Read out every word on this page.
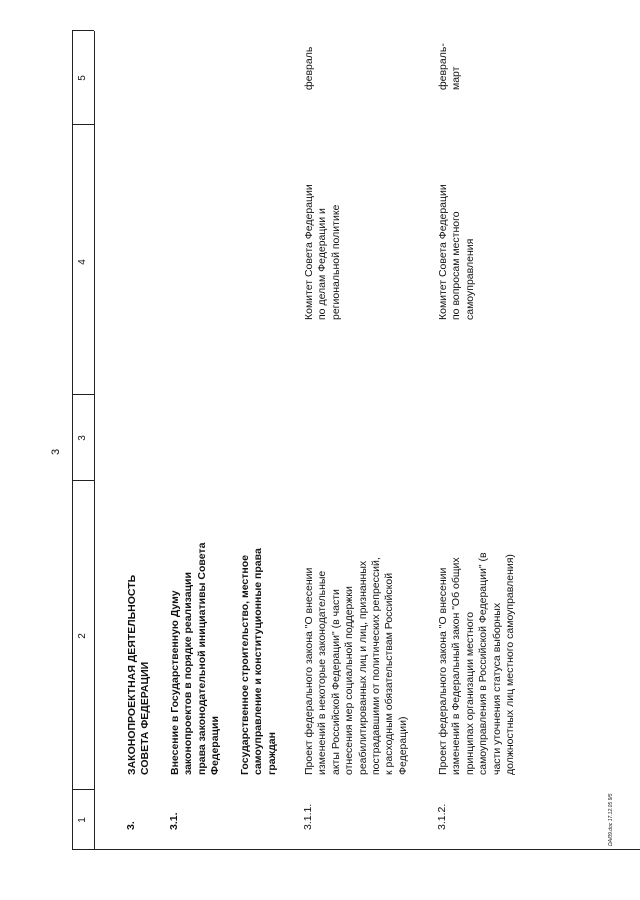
3
1
2
3
4
5
3.
ЗАКОНОПРОЕКТНАЯ ДЕЯТЕЛЬНОСТЬ
СОВЕТА ФЕДЕРАЦИИ
3.1.
Внесение в Государственную Думу
законопроектов в порядке реализации
права законодательной инициативы Совета
Федерации Государственное строительство, местное
самоуправление и конституционные права
граждан
3.1.1.
Проект федерального закона "О внесении
изменений в некоторые законодательные
акты Российской Федерации" (в части
отнесения мер социальной поддержки
реабилитированных лиц и лиц, признанных
пострадавшими от политических репрессий,
к расходным обязательствам Российской
Федерации)
Комитет Совета Федерации
по делам Федерации и
региональной политике
февраль
3.1.2.
Проект федерального закона "О внесении
изменений в Федеральный закон "Об общих
принципах организации местного
самоуправления в Российской Федерации" (в
части уточнения статуса выборных
должностных лиц местного самоуправления)
Комитет Совета Федерации
по вопросам местного
самоуправления
февраль-
март
DA/09.doc 17.12.05 9/5
